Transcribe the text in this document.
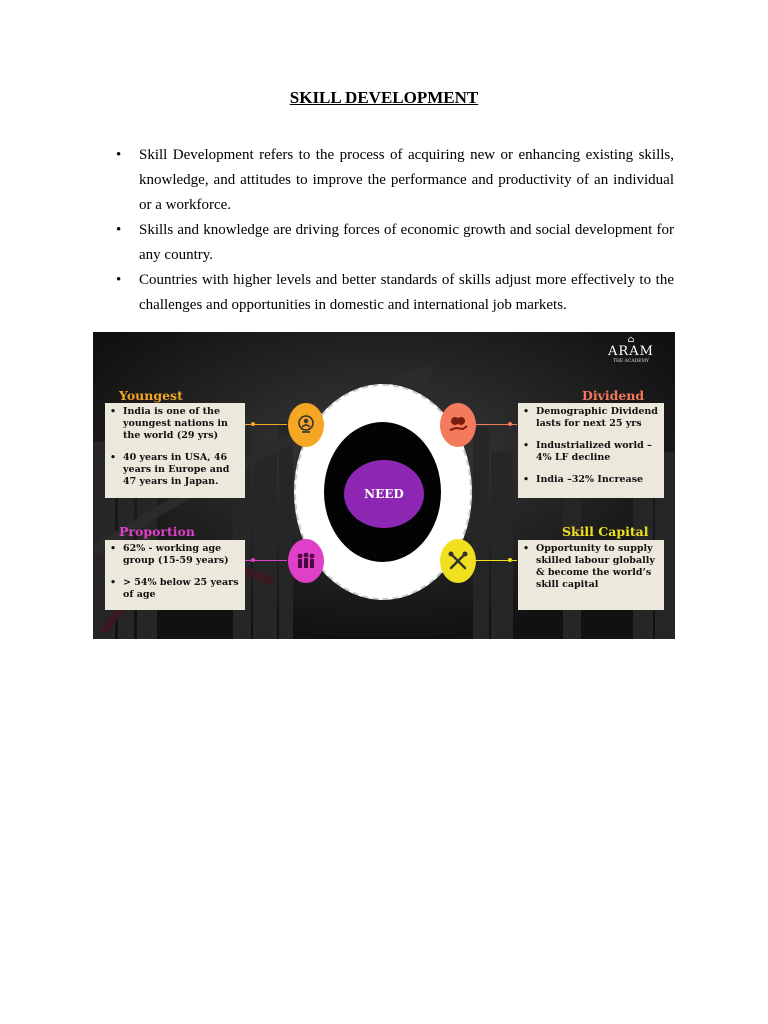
SKILL DEVELOPMENT
• Skill Development refers to the process of acquiring new or enhancing existing skills, knowledge, and attitudes to improve the performance and productivity of an individual or a workforce.
• Skills and knowledge are driving forces of economic growth and social development for any country.
• Countries with higher levels and better standards of skills adjust more effectively to the challenges and opportunities in domestic and international job markets.
⌂
ARAM
THE ACADEMY
NEED
Youngest
• India is one of the youngest nations in the world (29 yrs)
• 40 years in USA, 46 years in Europe and 47 years in Japan.
Dividend
• Demographic Dividend lasts for next 25 yrs
• Industrialized world – 4% LF decline
• India –32% Increase
Proportion
• 62% - working age group (15-59 years)
• > 54% below 25 years of age
Skill Capital
• Opportunity to supply skilled labour globally & become the world’s skill capital
